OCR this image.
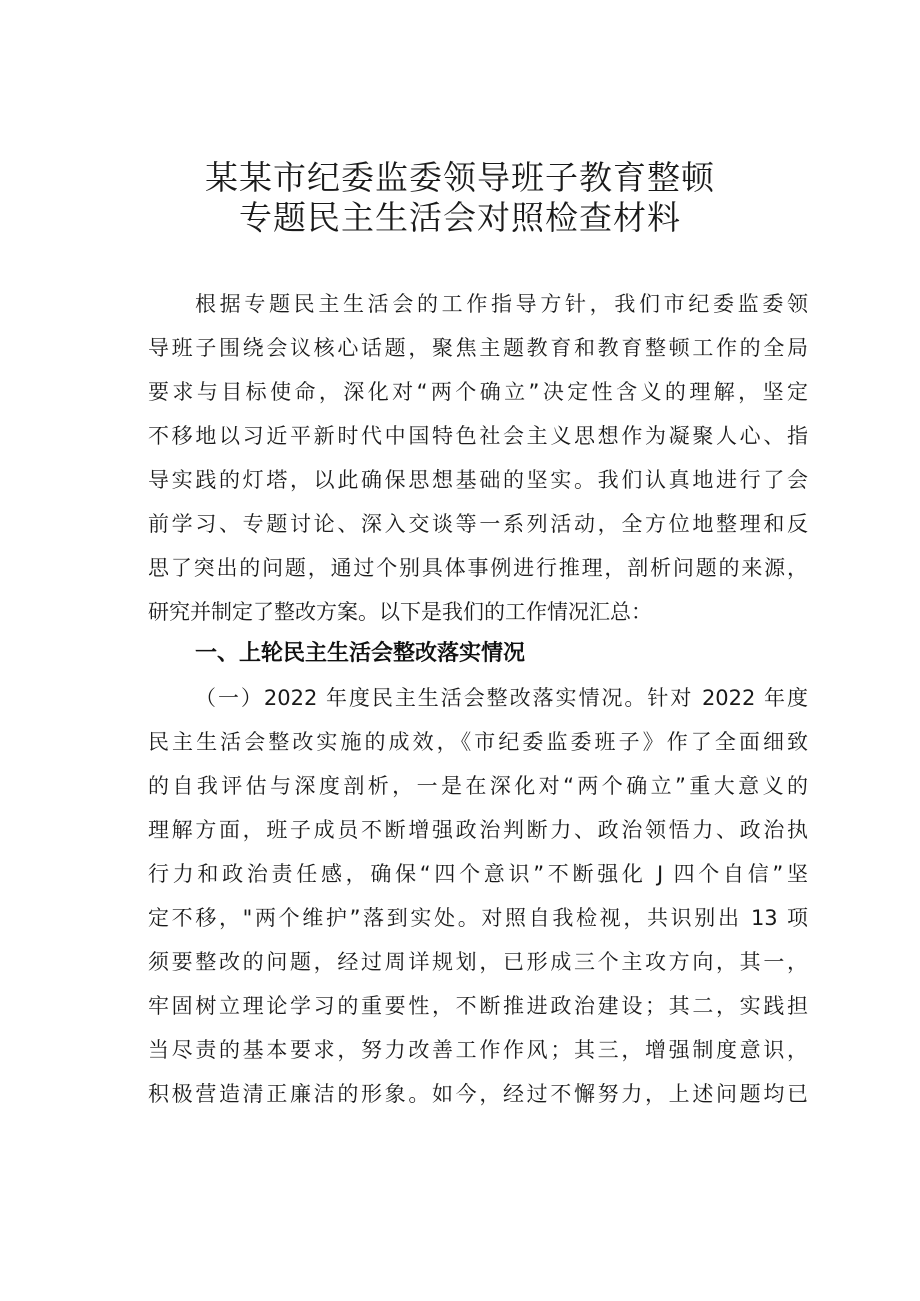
某某市纪委监委领导班子教育整顿
专题民主生活会对照检查材料
根据专题民主生活会的工作指导方针，我们市纪委监委领
导班子围绕会议核心话题，聚焦主题教育和教育整顿工作的全局
要求与目标使命，深化对“两个确立”决定性含义的理解，坚定
不移地以习近平新时代中国特色社会主义思想作为凝聚人心、指
导实践的灯塔，以此确保思想基础的坚实。我们认真地进行了会
前学习、专题讨论、深入交谈等一系列活动，全方位地整理和反
思了突出的问题，通过个别具体事例进行推理，剖析问题的来源，
研究并制定了整改方案。以下是我们的工作情况汇总：
一、上轮民主生活会整改落实情况
（一）2022 年度民主生活会整改落实情况。针对 2022 年度
民主生活会整改实施的成效，《市纪委监委班子》作了全面细致
的自我评估与深度剖析，一是在深化对“两个确立”重大意义的
理解方面，班子成员不断增强政治判断力、政治领悟力、政治执
行力和政治责任感，确保“四个意识”不断强化 J 四个自信”坚
定不移，"两个维护”落到实处。对照自我检视，共识别出 13 项
须要整改的问题，经过周详规划，已形成三个主攻方向，其一，
牢固树立理论学习的重要性，不断推进政治建设；其二，实践担
当尽责的基本要求，努力改善工作作风；其三，增强制度意识，
积极营造清正廉洁的形象。如今，经过不懈努力，上述问题均已
